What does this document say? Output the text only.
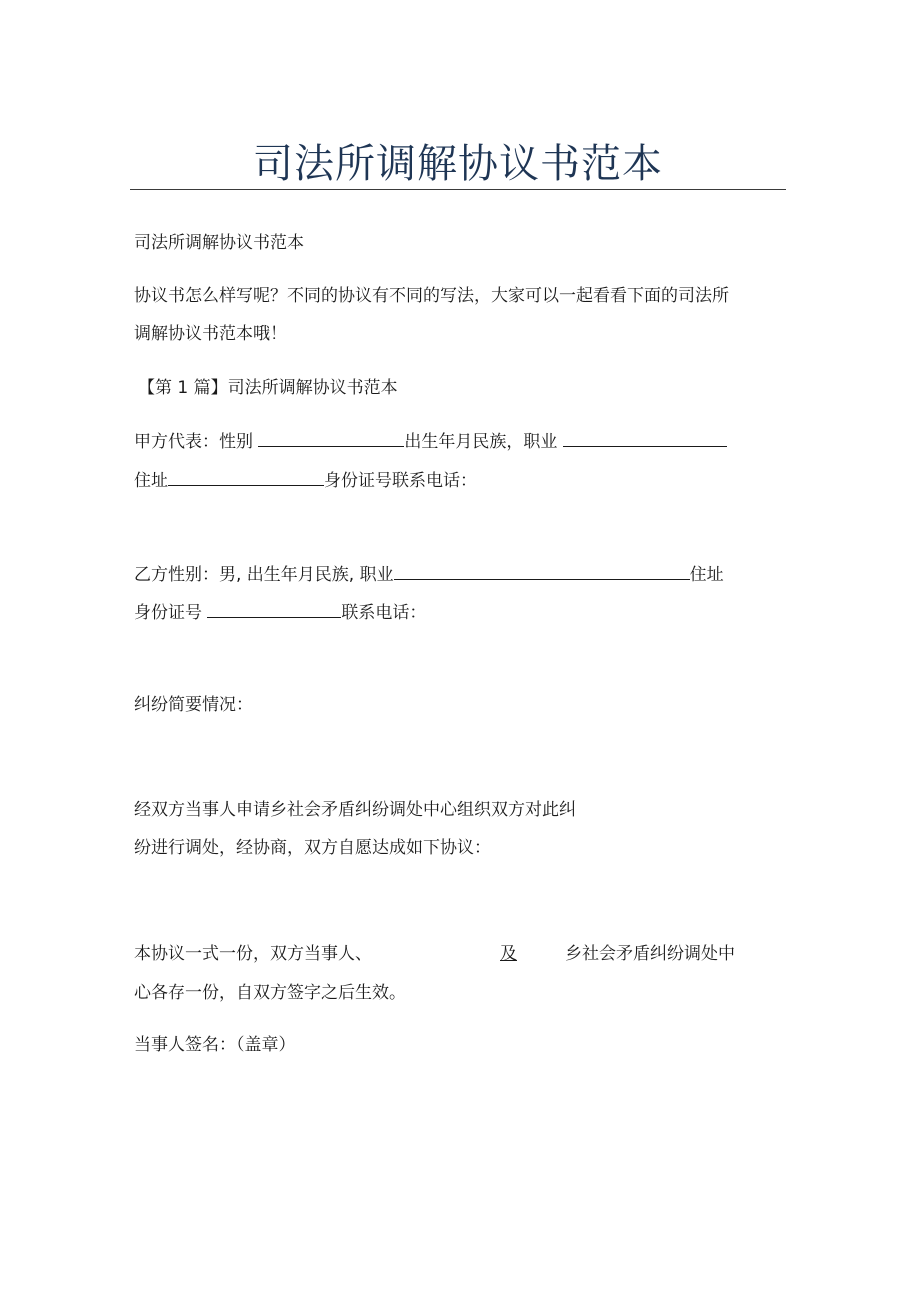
司法所调解协议书范本
司法所调解协议书范本
协议书怎么样写呢？不同的协议有不同的写法，大家可以一起看看下面的司法所
调解协议书范本哦！
【第 1 篇】司法所调解协议书范本
甲方代表：性别	出生年月民族，职业
住址	身份证号联系电话：
乙方性别：男, 出生年月民族, 职业	住址
身份证号	联系电话：
纠纷简要情况：
经双方当事人申请乡社会矛盾纠纷调处中心组织双方对此纠
纷进行调处，经协商，双方自愿达成如下协议：
本协议一式一份，双方当事人、	及	乡社会矛盾纠纷调处中
心各存一份，自双方签字之后生效。
当事人签名：（盖章）
